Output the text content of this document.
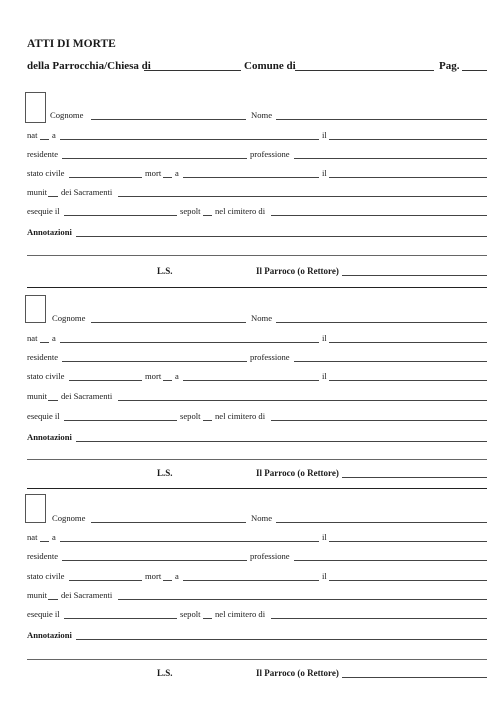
ATTI DI MORTE
della Parrocchia/Chiesa di	Comune di	Pag.
Cognome	Nome
nat a	il
residente	professione
stato civile	mort a	il
munit dei Sacramenti
esequie il	sepolt nel cimitero di
Annotazioni
L.S.	Il Parroco (o Rettore)
Cognome	Nome
nat a	il
residente	professione
stato civile	mort a	il
munit dei Sacramenti
esequie il	sepolt nel cimitero di
Annotazioni
L.S.	Il Parroco (o Rettore)
Cognome	Nome
nat a	il
residente	professione
stato civile	mort a	il
munit dei Sacramenti
esequie il	sepolt nel cimitero di
Annotazioni
L.S.	Il Parroco (o Rettore)
